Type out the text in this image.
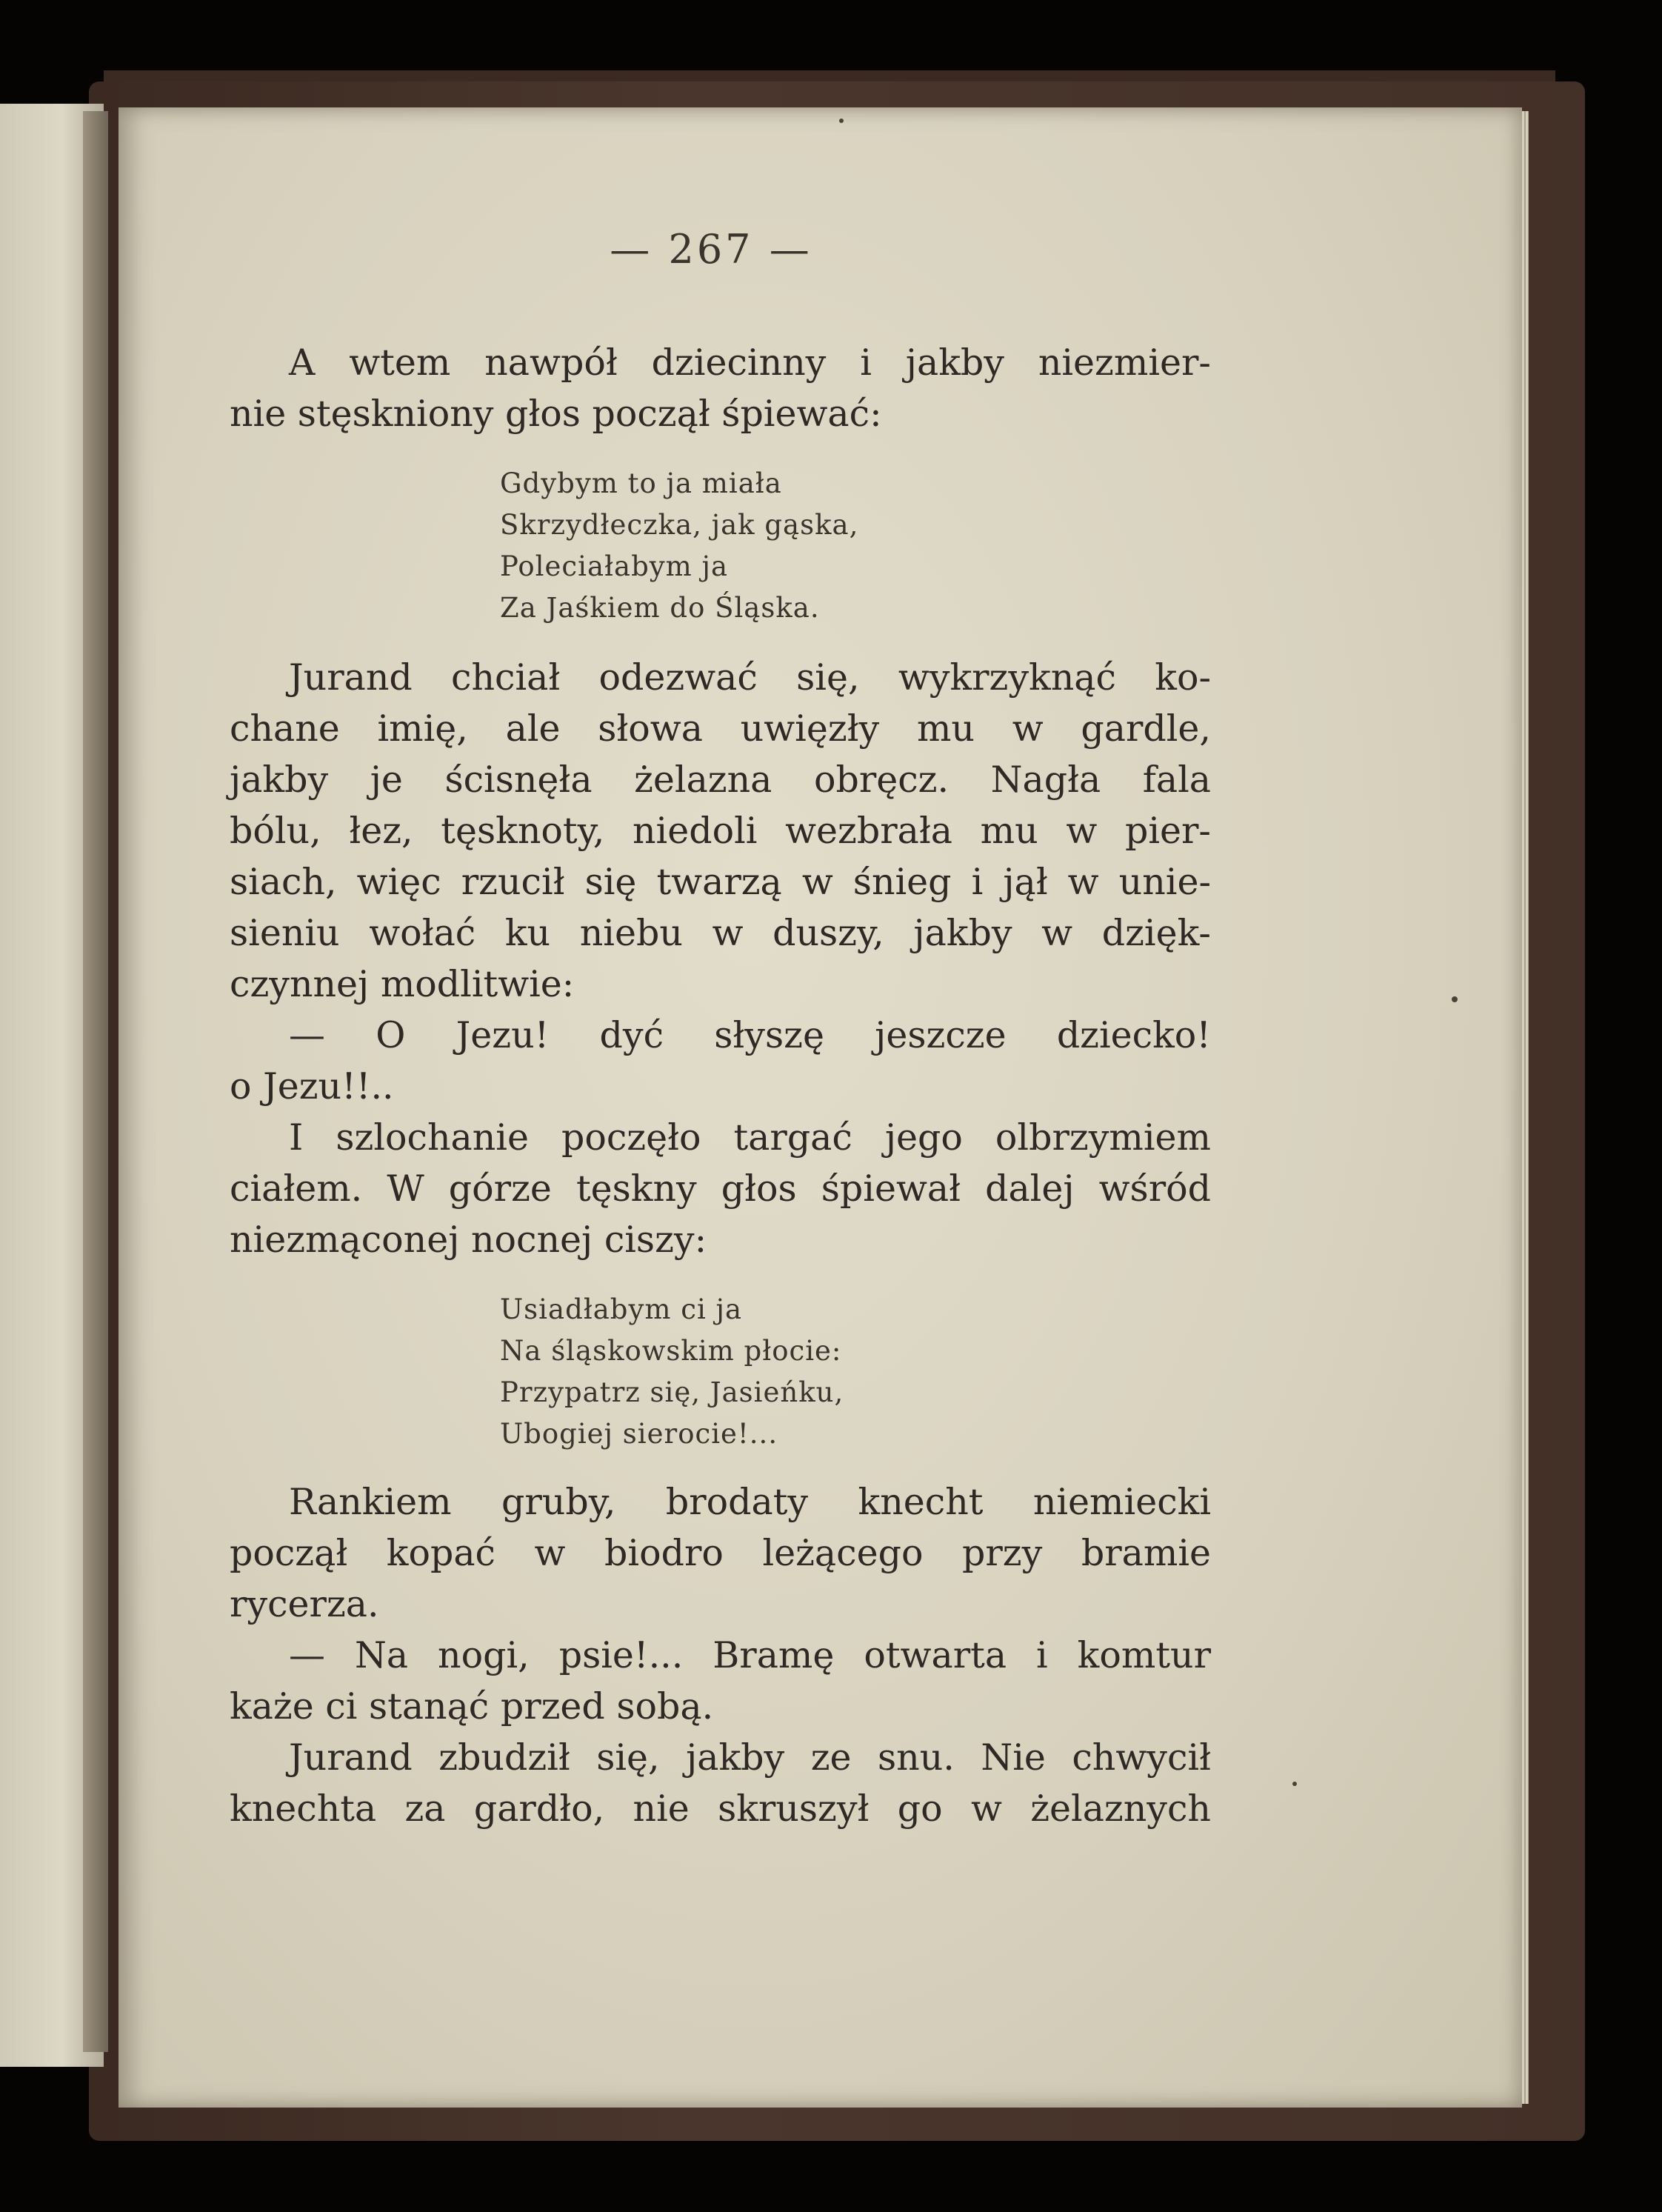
— 267 —

A wtem nawpół dziecinny i jakby niezmier-
nie stęskniony głos począł śpiewać:

Gdybym to ja miała
Skrzydłeczka, jak gąska,
Poleciałabym ja
Za Jaśkiem do Śląska.

Jurand chciał odezwać się, wykrzyknąć ko-
chane imię, ale słowa uwięzły mu w gardle,
jakby je ścisnęła żelazna obręcz. Nagła fala
bólu, łez, tęsknoty, niedoli wezbrała mu w pier-
siach, więc rzucił się twarzą w śnieg i jął w unie-
sieniu wołać ku niebu w duszy, jakby w dzięk-
czynnej modlitwie:

— O Jezu! dyć słyszę jeszcze dziecko!
o Jezu!!..

I szlochanie poczęło targać jego olbrzymiem
ciałem. W górze tęskny głos śpiewał dalej wśród
niezmąconej nocnej ciszy:

Usiadłabym ci ja
Na śląskowskim płocie:
Przypatrz się, Jasieńku,
Ubogiej sierocie!...

Rankiem gruby, brodaty knecht niemiecki
począł kopać w biodro leżącego przy bramie
rycerza.

— Na nogi, psie!... Bramę otwarta i komtur
każe ci stanąć przed sobą.

Jurand zbudził się, jakby ze snu. Nie chwycił
knechta za gardło, nie skruszył go w żelaznych
